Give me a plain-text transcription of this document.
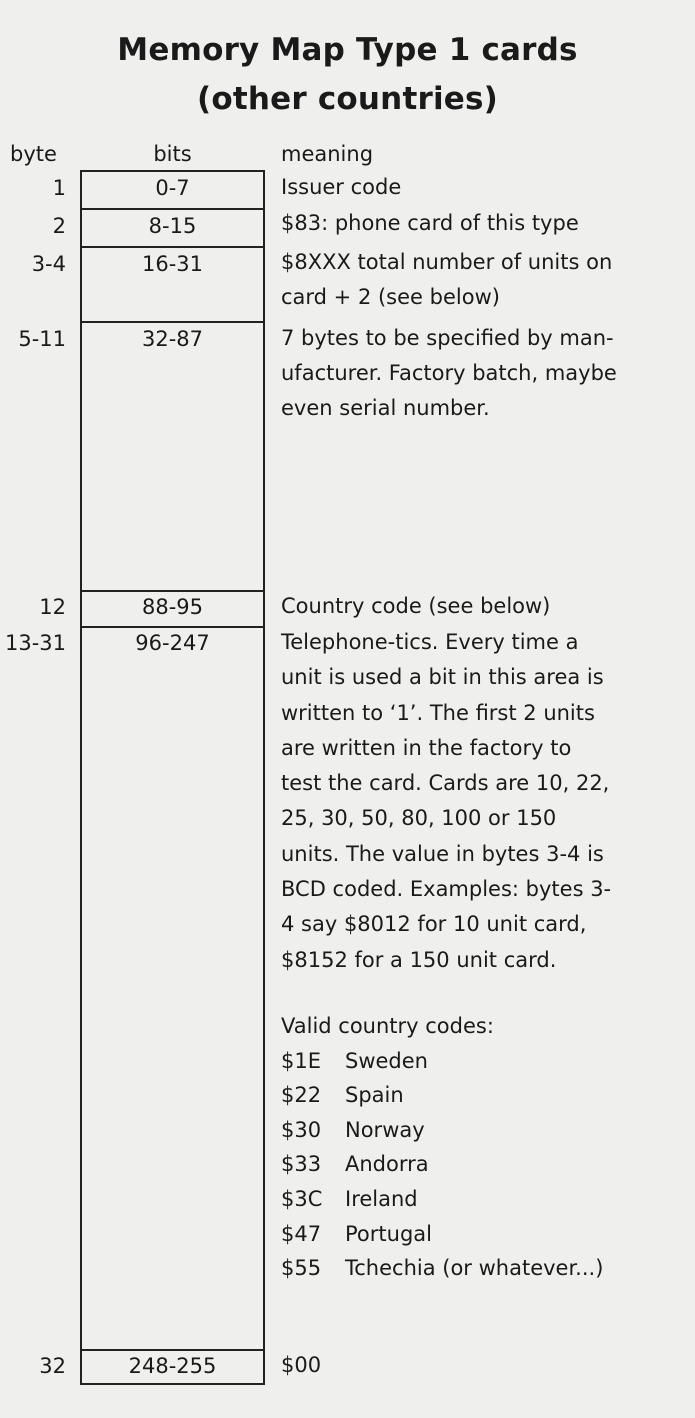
Memory Map Type 1 cards
(other countries)
byte	bits	meaning
1	0-7	Issuer code

2	8-15	$83: phone card of this type

3-4	16-31	$8XXX total number of units on

card + 2 (see below)

5-11	32-87	7 bytes to be specified by man-

ufacturer. Factory batch, maybe

even serial number.

12	88-95	Country code (see below)

13-31	96-247	Telephone-tics. Every time a

unit is used a bit in this area is

written to ‘1’. The first 2 units

are written in the factory to

test the card. Cards are 10, 22,

25, 30, 50, 80, 100 or 150

units. The value in bytes 3-4 is

BCD coded. Examples: bytes 3-

4 say $8012 for 10 unit card,

$8152 for a 150 unit card.

Valid country codes:
$1E Sweden
$22 Spain
$30 Norway
$33 Andorra
$3C Ireland
$47 Portugal
$55 Tchechia (or whatever...)
32	248-255	$00
